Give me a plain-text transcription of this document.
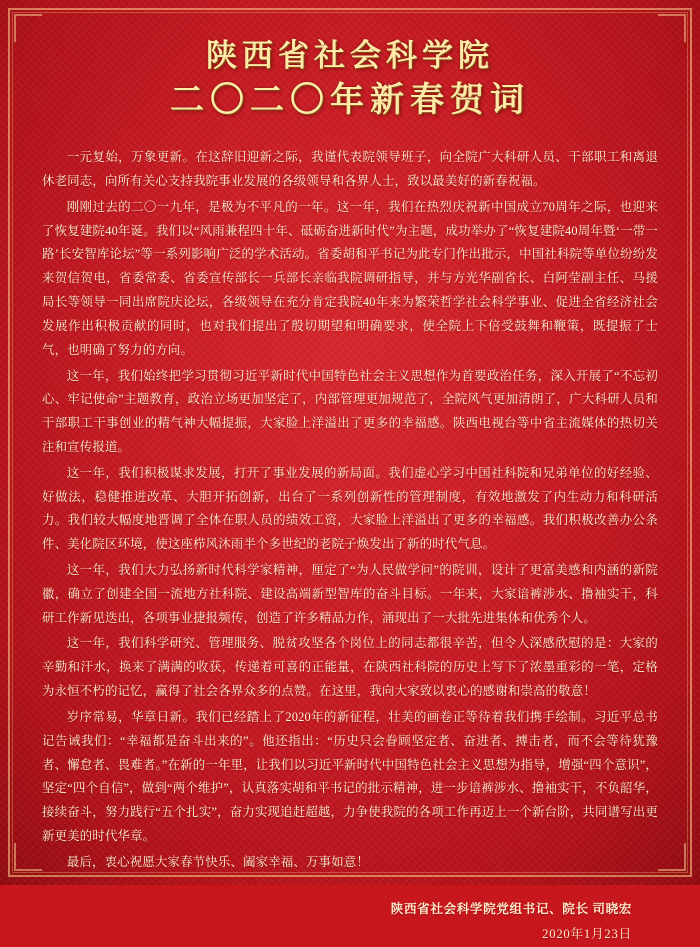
陕西省社会科学院
二〇二〇年新春贺词

一元复始，万象更新。在这辞旧迎新之际，我谨代表院领导班子，向全院广大科研人员、干部职工和离退休老同志，向所有关心支持我院事业发展的各级领导和各界人士，致以最美好的新春祝福。

刚刚过去的二〇一九年，是极为不平凡的一年。这一年，我们在热烈庆祝新中国成立70周年之际，也迎来了恢复建院40年诞。我们以“风雨兼程四十年、砥砺奋进新时代”为主题，成功举办了“恢复建院40周年暨‘一带一路’长安智库论坛”等一系列影响广泛的学术活动。省委胡和平书记为此专门作出批示，中国社科院等单位纷纷发来贺信贺电，省委常委、省委宣传部长一兵部长亲临我院调研指导，并与方光华副省长、白阿莹副主任、马援局长等领导一同出席院庆论坛，各级领导在充分肯定我院40年来为繁荣哲学社会科学事业、促进全省经济社会发展作出积极贡献的同时，也对我们提出了殷切期望和明确要求，使全院上下倍受鼓舞和鞭策，既提振了士气，也明确了努力的方向。

这一年，我们始终把学习贯彻习近平新时代中国特色社会主义思想作为首要政治任务，深入开展了“不忘初心、牢记使命”主题教育，政治立场更加坚定了，内部管理更加规范了，全院风气更加清朗了，广大科研人员和干部职工干事创业的精气神大幅提振，大家脸上洋溢出了更多的幸福感。陕西电视台等中省主流媒体的热切关注和宣传报道。

这一年，我们积极谋求发展，打开了事业发展的新局面。我们虚心学习中国社科院和兄弟单位的好经验、好做法，稳健推进改革、大胆开拓创新，出台了一系列创新性的管理制度，有效地激发了内生动力和科研活力。我们较大幅度地晋调了全体在职人员的绩效工资，大家脸上洋溢出了更多的幸福感。我们积极改善办公条件、美化院区环境，使这座栉风沐雨半个多世纪的老院子焕发出了新的时代气息。

这一年，我们大力弘扬新时代科学家精神，厘定了“为人民做学问”的院训，设计了更富美感和内涵的新院徽，确立了创建全国一流地方社科院、建设高端新型智库的奋斗目标。一年来，大家谙裤涉水、撸袖实干，科研工作新见迭出，各项事业捷报频传，创造了许多精品力作，涌现出了一大批先进集体和优秀个人。

这一年，我们科学研究、管理服务、脱贫攻坚各个岗位上的同志都很辛苦，但令人深感欣慰的是：大家的辛勤和汗水，换来了满满的收获，传递着可喜的正能量，在陕西社科院的历史上写下了浓墨重彩的一笔，定格为永恒不朽的记忆，赢得了社会各界众多的点赞。在这里，我向大家致以衷心的感谢和崇高的敬意！

岁序常易，华章日新。我们已经踏上了2020年的新征程，壮美的画卷正等待着我们携手绘制。习近平总书记告诫我们：“幸福都是奋斗出来的”。他还指出：“历史只会眷顾坚定者、奋进者、搏击者，而不会等待犹豫者、懈怠者、畏难者。”在新的一年里，让我们以习近平新时代中国特色社会主义思想为指导，增强“四个意识”，坚定“四个自信”，做到“两个维护”，认真落实胡和平书记的批示精神，进一步谙裤涉水、撸袖实干，不负韶华，接续奋斗，努力践行“五个扎实”，奋力实现追赶超越，力争使我院的各项工作再迈上一个新台阶，共同谱写出更新更美的时代华章。

最后，衷心祝愿大家春节快乐、阖家幸福、万事如意！

陕西省社会科学院党组书记、院长 司晓宏
2020年1月23日
